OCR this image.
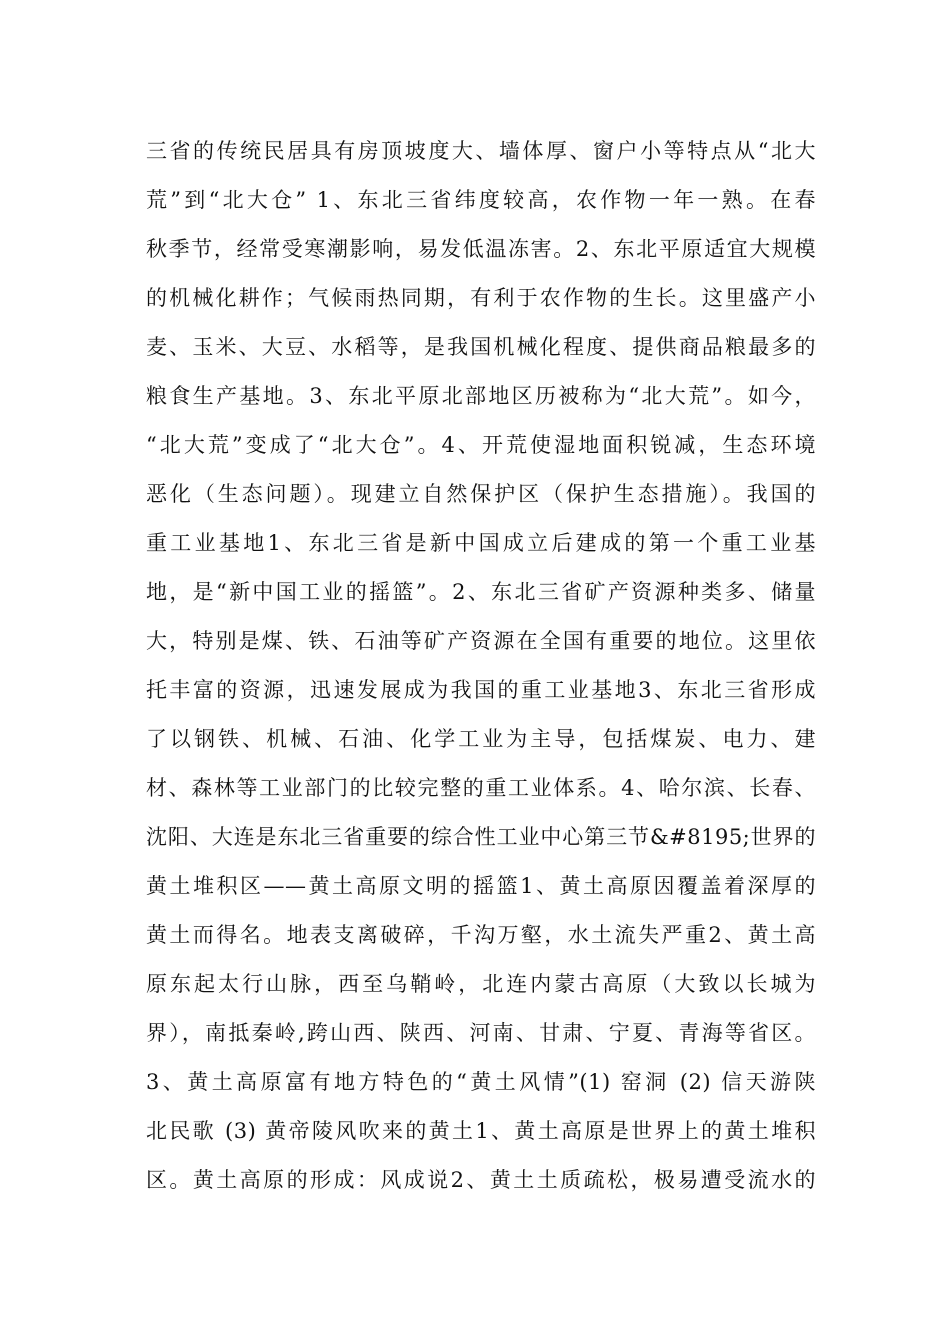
三省的传统民居具有房顶坡度大、墙体厚、窗户小等特点从“北大
荒”到“北大仓” 1、东北三省纬度较高，农作物一年一熟。在春
秋季节，经常受寒潮影响，易发低温冻害。2、东北平原适宜大规模
的机械化耕作；气候雨热同期，有利于农作物的生长。这里盛产小
麦、玉米、大豆、水稻等，是我国机械化程度、提供商品粮最多的
粮食生产基地。3、东北平原北部地区历被称为“北大荒”。如今，
“北大荒”变成了“北大仓”。4、开荒使湿地面积锐减，生态环境
恶化（生态问题）。现建立自然保护区（保护生态措施）。我国的
重工业基地1、东北三省是新中国成立后建成的第一个重工业基
地，是“新中国工业的摇篮”。2、东北三省矿产资源种类多、储量
大，特别是煤、铁、石油等矿产资源在全国有重要的地位。这里依
托丰富的资源，迅速发展成为我国的重工业基地3、东北三省形成
了以钢铁、机械、石油、化学工业为主导，包括煤炭、电力、建
材、森林等工业部门的比较完整的重工业体系。4、哈尔滨、长春、
沈阳、大连是东北三省重要的综合性工业中心第三节&#8195;世界的
黄土堆积区——黄土高原文明的摇篮1、黄土高原因覆盖着深厚的
黄土而得名。地表支离破碎，千沟万壑，水土流失严重2、黄土高
原东起太行山脉，西至乌鞘岭，北连内蒙古高原（大致以长城为
界），南抵秦岭,跨山西、陕西、河南、甘肃、宁夏、青海等省区。
3、黄土高原富有地方特色的“黄土风情”(1) 窑洞 (2) 信天游陕
北民歌 (3) 黄帝陵风吹来的黄土1、黄土高原是世界上的黄土堆积
区。黄土高原的形成：风成说2、黄土土质疏松，极易遭受流水的
